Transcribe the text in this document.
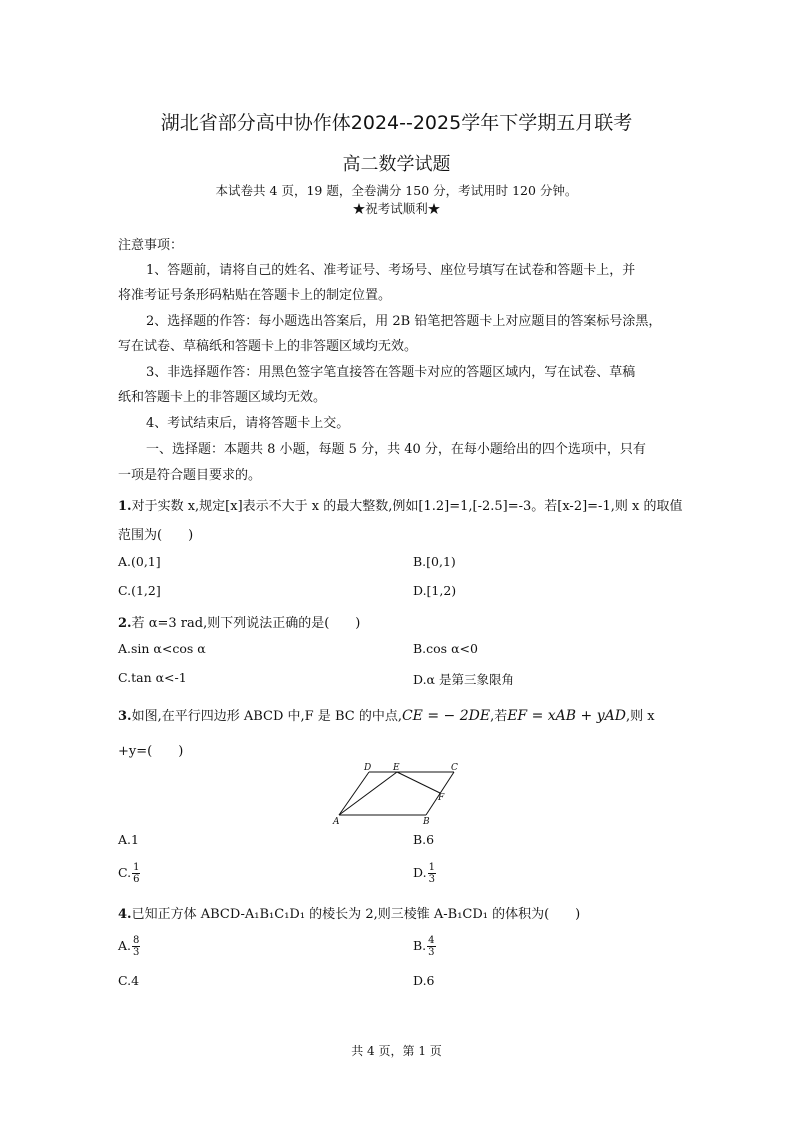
湖北省部分高中协作体2024--2025学年下学期五月联考
高二数学试题
本试卷共 4 页，19 题，全卷满分 150 分，考试用时 120 分钟。
★祝考试顺利★
注意事项：
1、答题前，请将自己的姓名、准考证号、考场号、座位号填写在试卷和答题卡上，并
将准考证号条形码粘贴在答题卡上的制定位置。
2、选择题的作答：每小题选出答案后，用 2B 铅笔把答题卡上对应题目的答案标号涂黑，
写在试卷、草稿纸和答题卡上的非答题区域均无效。
3、非选择题作答：用黑色签字笔直接答在答题卡对应的答题区域内，写在试卷、草稿
纸和答题卡上的非答题区域均无效。
4、考试结束后，请将答题卡上交。
一、选择题：本题共 8 小题，每题 5 分，共 40 分，在每小题给出的四个选项中，只有
一项是符合题目要求的。
1.对于实数 x,规定[x]表示不大于 x 的最大整数,例如[1.2]=1,[-2.5]=-3。若[x-2]=-1,则 x 的取值
范围为(　　)
A.(0,1]	B.[0,1)
C.(1,2]	D.[1,2)
2.若 α=3 rad,则下列说法正确的是(　　)
A.sin α<cos α	B.cos α<0
C.tan α<-1	D.α 是第三象限角
3.如图,在平行四边形 ABCD 中,F 是 BC 的中点,CE = − 2DE,若EF = xAB + yAD,则 x
+y=(　　)
D E	C
F
A	B
A.1	B.6
C. $\frac{1}{6}$	D. $\frac{1}{3}$
4.已知正方体 ABCD-A₁B₁C₁D₁ 的棱长为 2,则三棱锥 A-B₁CD₁ 的体积为(　　)
A. $\frac{8}{3}$	B. $\frac{4}{3}$
C.4	D.6
共 4 页，第 1 页
